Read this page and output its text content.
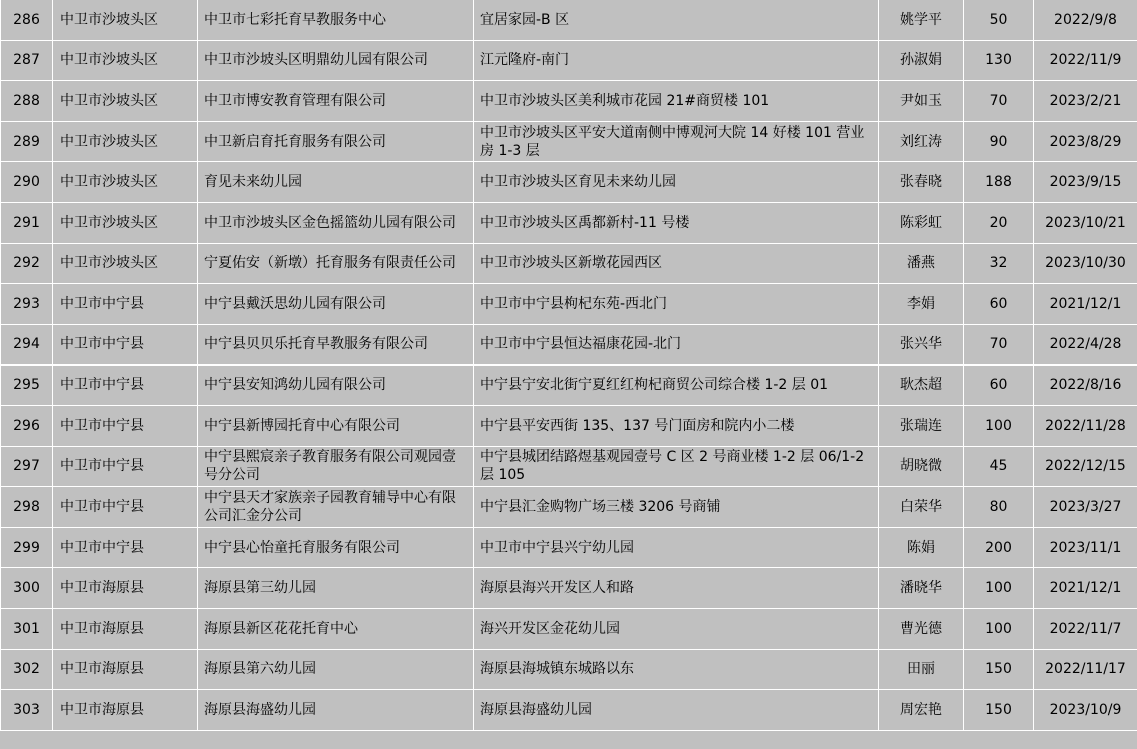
286	中卫市沙坡头区	中卫市七彩托育早教服务中心	宜居家园-B 区	姚学平	50	2022/9/8
287	中卫市沙坡头区	中卫市沙坡头区明鼎幼儿园有限公司	江元隆府-南门	孙淑娟	130	2022/11/9
288	中卫市沙坡头区	中卫市博安教育管理有限公司	中卫市沙坡头区美利城市花园 21#商贸楼 101	尹如玉	70	2023/2/21
289	中卫市沙坡头区	中卫新启育托育服务有限公司	中卫市沙坡头区平安大道南侧中博观河大院 14 好楼 101 营业房 1-3 层	刘红涛	90	2023/8/29
290	中卫市沙坡头区	育见未来幼儿园	中卫市沙坡头区育见未来幼儿园	张春晓	188	2023/9/15
291	中卫市沙坡头区	中卫市沙坡头区金色摇篮幼儿园有限公司	中卫市沙坡头区禹都新村-11 号楼	陈彩虹	20	2023/10/21
292	中卫市沙坡头区	宁夏佑安（新墩）托育服务有限责任公司	中卫市沙坡头区新墩花园西区	潘燕	32	2023/10/30
293	中卫市中宁县	中宁县戴沃思幼儿园有限公司	中卫市中宁县枸杞东苑-西北门	李娟	60	2021/12/1
294	中卫市中宁县	中宁县贝贝乐托育早教服务有限公司	中卫市中宁县恒达福康花园-北门	张兴华	70	2022/4/28
295	中卫市中宁县	中宁县安知鸿幼儿园有限公司	中宁县宁安北街宁夏红红枸杞商贸公司综合楼 1-2 层 01	耿杰超	60	2022/8/16
296	中卫市中宁县	中宁县新博园托育中心有限公司	中宁县平安西街 135、137 号门面房和院内小二楼	张瑞连	100	2022/11/28
297	中卫市中宁县	中宁县熙宸亲子教育服务有限公司观园壹号分公司	中宁县城团结路煜基观园壹号 C 区 2 号商业楼 1-2 层 06/1-2 层 105	胡晓微	45	2022/12/15
298	中卫市中宁县	中宁县天才家族亲子园教育辅导中心有限公司汇金分公司	中宁县汇金购物广场三楼 3206 号商铺	白荣华	80	2023/3/27
299	中卫市中宁县	中宁县心怡童托育服务有限公司	中卫市中宁县兴宁幼儿园	陈娟	200	2023/11/1
300	中卫市海原县	海原县第三幼儿园	海原县海兴开发区人和路	潘晓华	100	2021/12/1
301	中卫市海原县	海原县新区花花托育中心	海兴开发区金花幼儿园	曹光德	100	2022/11/7
302	中卫市海原县	海原县第六幼儿园	海原县海城镇东城路以东	田丽	150	2022/11/17
303	中卫市海原县	海原县海盛幼儿园	海原县海盛幼儿园	周宏艳	150	2023/10/9
